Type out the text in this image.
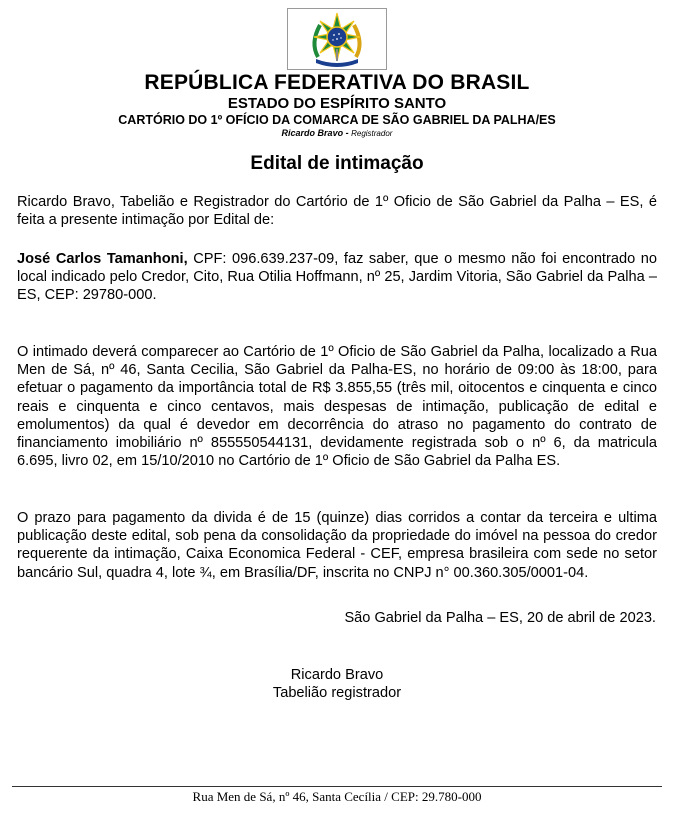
REPÚBLICA FEDERATIVA DO BRASIL
ESTADO DO ESPÍRITO SANTO
CARTÓRIO DO 1º OFÍCIO DA COMARCA DE SÃO GABRIEL DA PALHA/ES
Ricardo Bravo - Registrador
Edital de intimação
Ricardo Bravo, Tabelião e Registrador do Cartório de 1º Oficio de São Gabriel da Palha – ES, é feita a presente intimação por Edital de:
José Carlos Tamanhoni, CPF: 096.639.237-09, faz saber, que o mesmo não foi encontrado no local indicado pelo Credor, Cito, Rua Otilia Hoffmann, nº 25, Jardim Vitoria, São Gabriel da Palha – ES, CEP: 29780-000.
O intimado deverá comparecer ao Cartório de 1º Oficio de São Gabriel da Palha, localizado a Rua Men de Sá, nº 46, Santa Cecilia, São Gabriel da Palha-ES, no horário de 09:00 às 18:00, para efetuar o pagamento da importância total de R$ 3.855,55 (três mil, oitocentos e cinquenta e cinco reais e cinquenta e cinco centavos, mais despesas de intimação, publicação de edital e emolumentos) da qual é devedor em decorrência do atraso no pagamento do contrato de financiamento imobiliário nº 855550544131, devidamente registrada sob o nº 6, da matricula 6.695, livro 02, em 15/10/2010 no Cartório de 1º Oficio de São Gabriel da Palha ES.
O prazo para pagamento da divida é de 15 (quinze) dias corridos a contar da terceira e ultima publicação deste edital, sob pena da consolidação da propriedade do imóvel na pessoa do credor requerente da intimação, Caixa Economica Federal - CEF, empresa brasileira com sede no setor bancário Sul, quadra 4, lote ¾, em Brasília/DF, inscrita no CNPJ n° 00.360.305/0001-04.
São Gabriel da Palha – ES, 20 de abril de 2023.
Ricardo Bravo
Tabelião registrador
Rua Men de Sá, nº 46, Santa Cecília / CEP: 29.780-000
